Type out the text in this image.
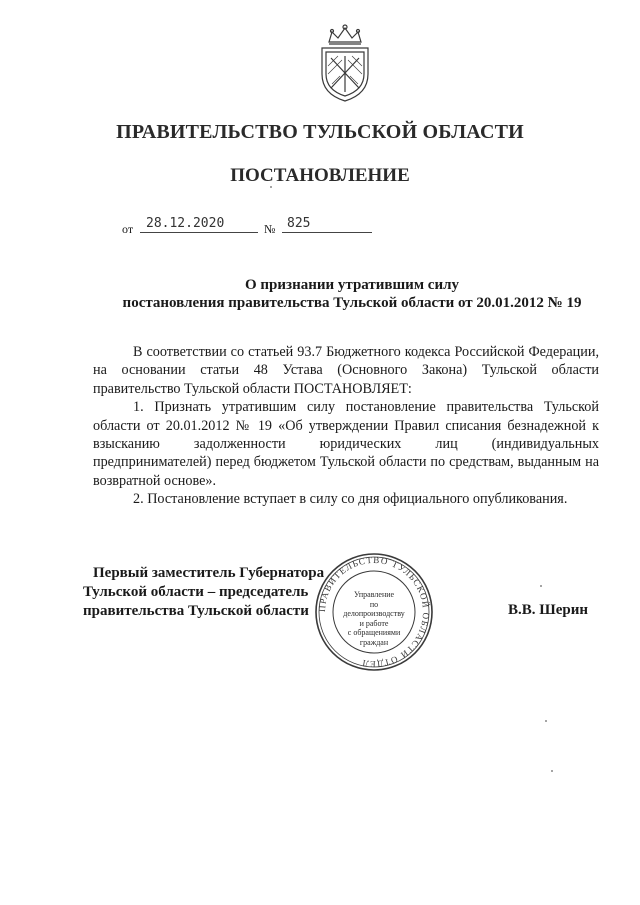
ПРАВИТЕЛЬСТВО ТУЛЬСКОЙ ОБЛАСТИ
ПОСТАНОВЛЕНИЕ
от 28.12.2020	№ 825
О признании утратившим силу
постановления правительства Тульской области от 20.01.2012 № 19

В соответствии со статьей 93.7 Бюджетного кодекса Российской Федерации, на основании статьи 48 Устава (Основного Закона) Тульской области правительство Тульской области ПОСТАНОВЛЯЕТ:

1. Признать утратившим силу постановление правительства Тульской области от 20.01.2012 № 19 «Об утверждении Правил списания безнадежной к взысканию задолженности юридических лиц (индивидуальных предпринимателей) перед бюджетом Тульской области по средствам, выданным на возвратной основе».

2. Постановление вступает в силу со дня официального опубликования.

Первый заместитель Губернатора
Тульской области – председатель
правительства Тульской области	В.В. Шерин
ПРАВИТЕЛЬСТВО ТУЛЬСКОЙ ОБЛАСТИ ОТДЕЛ
Управление
по делопроизводству
и работе
с обращениями
граждан
